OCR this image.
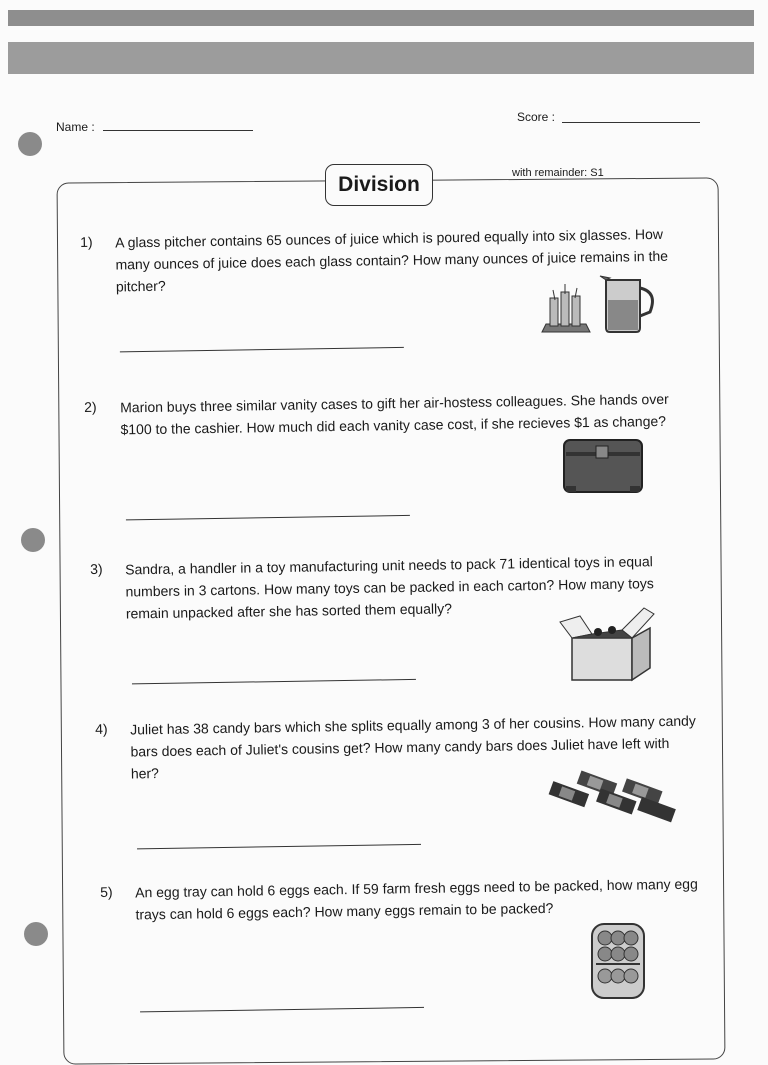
Name :
Score :
Division	with remainder: S1
1) A glass pitcher contains 65 ounces of juice which is poured equally into six glasses. How many ounces of juice does each glass contain? How many ounces of juice remains in the pitcher?
2) Marion buys three similar vanity cases to gift her air-hostess colleagues. She hands over $100 to the cashier. How much did each vanity case cost, if she recieves $1 as change?
3) Sandra, a handler in a toy manufacturing unit needs to pack 71 identical toys in equal numbers in 3 cartons. How many toys can be packed in each carton? How many toys remain unpacked after she has sorted them equally?
4) Juliet has 38 candy bars which she splits equally among 3 of her cousins. How many candy bars does each of Juliet's cousins get? How many candy bars does Juliet have left with her?
5) An egg tray can hold 6 eggs each. If 59 farm fresh eggs need to be packed, how many egg trays can hold 6 eggs each? How many eggs remain to be packed?
